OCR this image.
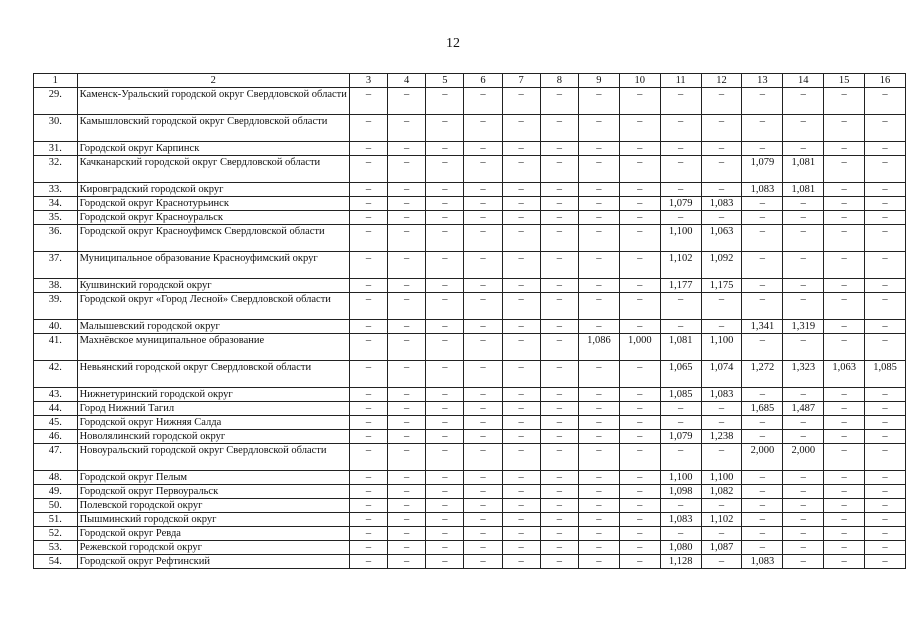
12
1	2	3	4	5	6	7	8	9	10	11	12	13	14	15	16
29.	Каменск-Уральский городской округ Свердловской области	–	–	–	–	–	–	–	–	–	–	–	–	–	–
30.	Камышловский городской округ Свердловской области	–	–	–	–	–	–	–	–	–	–	–	–	–	–
31.	Городской округ Карпинск	–	–	–	–	–	–	–	–	–	–	–	–	–	–
32.	Качканарский городской округ Свердловской области	–	–	–	–	–	–	–	–	–	–	1,079	1,081	–	–
33.	Кировградский городской округ	–	–	–	–	–	–	–	–	–	–	1,083	1,081	–	–
34.	Городской округ Краснотурьинск	–	–	–	–	–	–	–	–	1,079	1,083	–	–	–	–
35.	Городской округ Красноуральск	–	–	–	–	–	–	–	–	–	–	–	–	–	–
36.	Городской округ Красноуфимск Свердловской области	–	–	–	–	–	–	–	–	1,100	1,063	–	–	–	–
37.	Муниципальное образование Красноуфимский округ	–	–	–	–	–	–	–	–	1,102	1,092	–	–	–	–
38.	Кушвинский городской округ	–	–	–	–	–	–	–	–	1,177	1,175	–	–	–	–
39.	Городской округ «Город Лесной» Свердловской области	–	–	–	–	–	–	–	–	–	–	–	–	–	–
40.	Малышевский городской округ	–	–	–	–	–	–	–	–	–	–	1,341	1,319	–	–
41.	Махнёвское муниципальное образование	–	–	–	–	–	–	1,086	1,000	1,081	1,100	–	–	–	–
42.	Невьянский городской округ Свердловской области	–	–	–	–	–	–	–	–	1,065	1,074	1,272	1,323	1,063	1,085
43.	Нижнетуринский городской округ	–	–	–	–	–	–	–	–	1,085	1,083	–	–	–	–
44.	Город Нижний Тагил	–	–	–	–	–	–	–	–	–	–	1,685	1,487	–	–
45.	Городской округ Нижняя Салда	–	–	–	–	–	–	–	–	–	–	–	–	–	–
46.	Новолялинский городской округ	–	–	–	–	–	–	–	–	1,079	1,238	–	–	–	–
47.	Новоуральский городской округ Свердловской области	–	–	–	–	–	–	–	–	–	–	2,000	2,000	–	–
48.	Городской округ Пелым	–	–	–	–	–	–	–	–	1,100	1,100	–	–	–	–
49.	Городской округ Первоуральск	–	–	–	–	–	–	–	–	1,098	1,082	–	–	–	–
50.	Полевской городской округ	–	–	–	–	–	–	–	–	–	–	–	–	–	–
51.	Пышминский городской округ	–	–	–	–	–	–	–	–	1,083	1,102	–	–	–	–
52.	Городской округ Ревда	–	–	–	–	–	–	–	–	–	–	–	–	–	–
53.	Режевской городской округ	–	–	–	–	–	–	–	–	1,080	1,087	–	–	–	–
54.	Городской округ Рефтинский	–	–	–	–	–	–	–	–	1,128	–	1,083	–	–	–
